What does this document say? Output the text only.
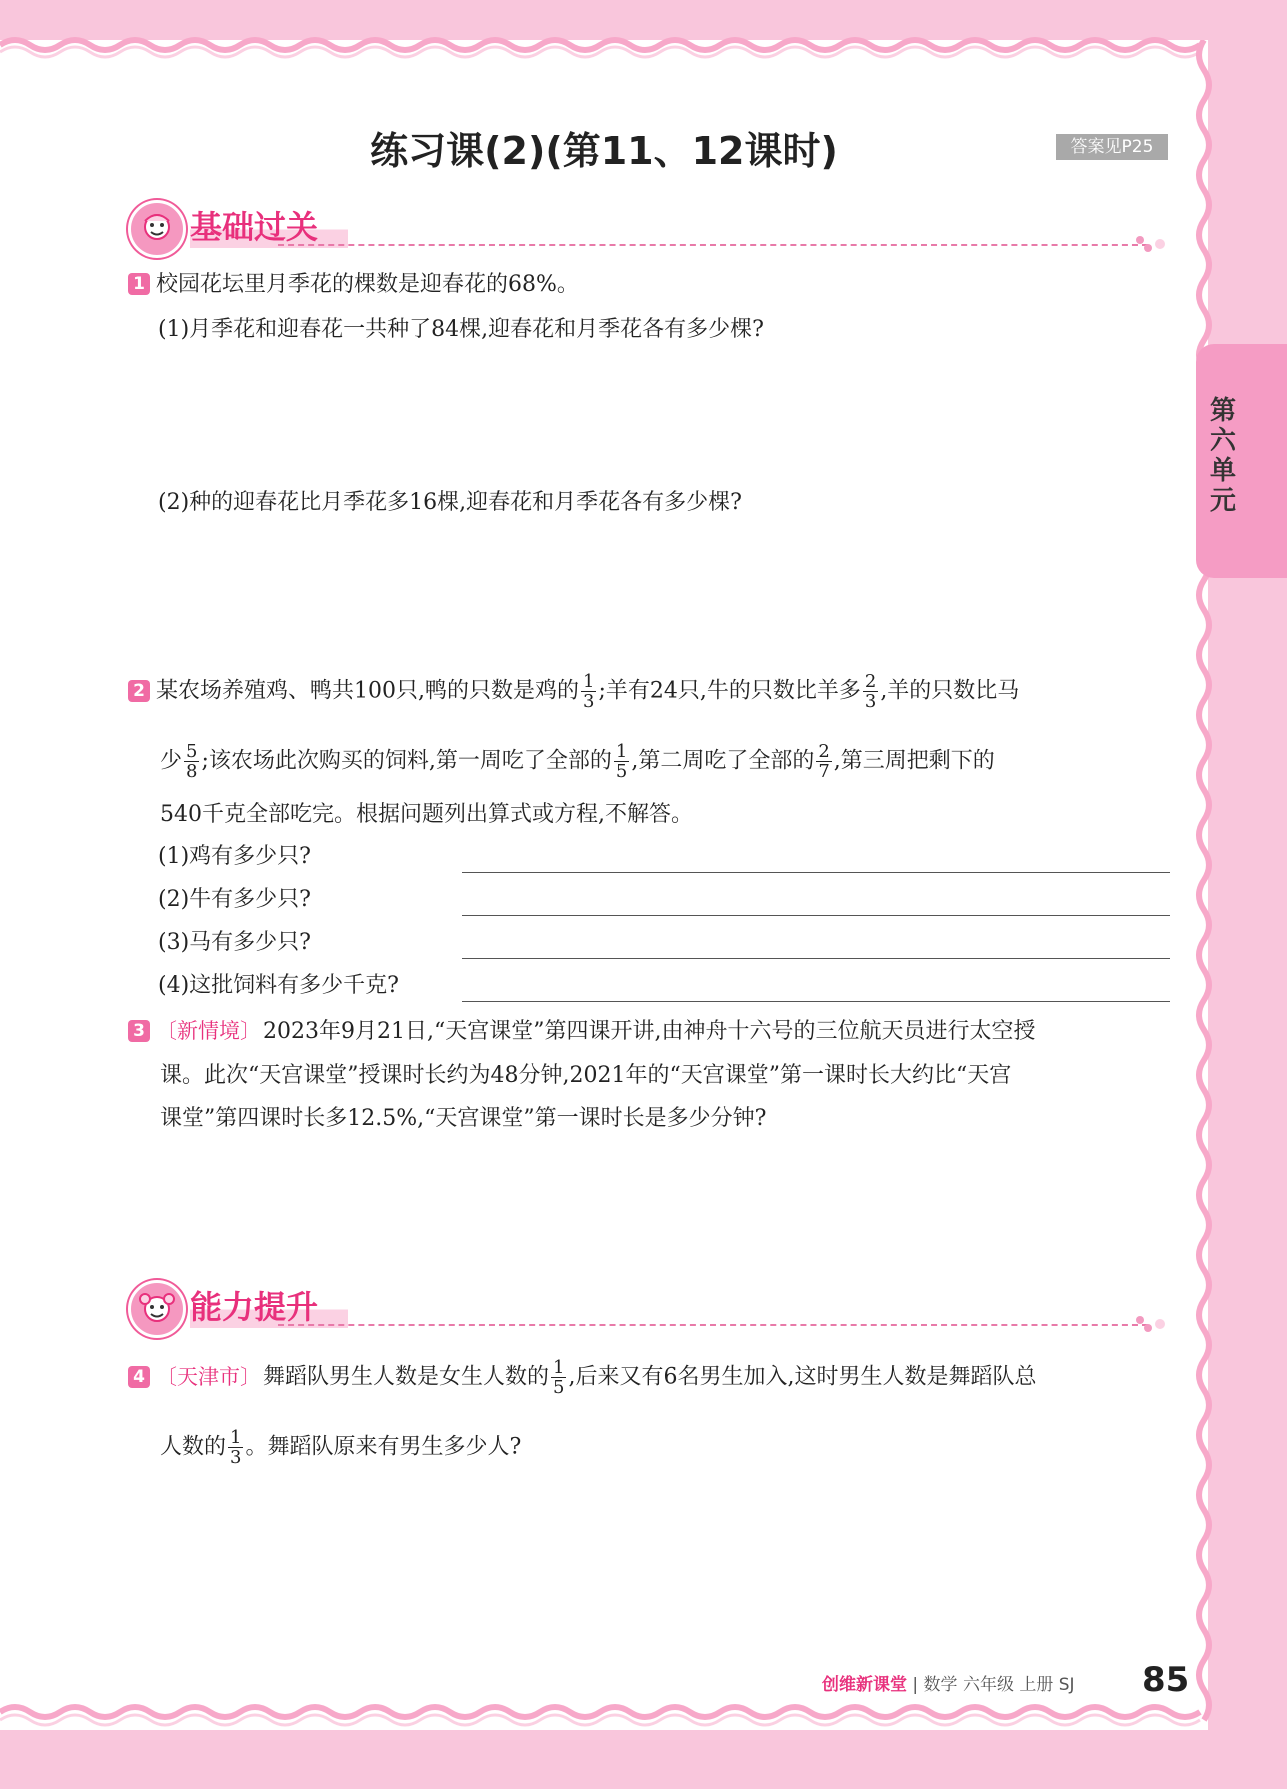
第六单元
练习课(2)(第11、12课时)	答案见P25
基础过关
1 校园花坛里月季花的棵数是迎春花的68%。
(1)月季花和迎春花一共种了84棵,迎春花和月季花各有多少棵?
(2)种的迎春花比月季花多16棵,迎春花和月季花各有多少棵?
2 某农场养殖鸡、鸭共100只,鸭的只数是鸡的 $\frac{1}{3}$ ;羊有24只,牛的只数比羊多 $\frac{2}{3}$ ,羊的只数比马
少 $\frac{5}{8}$ ;该农场此次购买的饲料,第一周吃了全部的 $\frac{1}{5}$ ,第二周吃了全部的 $\frac{2}{7}$ ,第三周把剩下的
540千克全部吃完。根据问题列出算式或方程,不解答。
(1)鸡有多少只?
(2)牛有多少只?
(3)马有多少只?
(4)这批饲料有多少千克?
3 〔新情境〕2023年9月21日,“天宫课堂”第四课开讲,由神舟十六号的三位航天员进行太空授
课。此次“天宫课堂”授课时长约为48分钟,2021年的“天宫课堂”第一课时长大约比“天宫
课堂”第四课时长多12.5%,“天宫课堂”第一课时长是多少分钟?
能力提升
4 〔天津市〕舞蹈队男生人数是女生人数的 $\frac{1}{5}$ ,后来又有6名男生加入,这时男生人数是舞蹈队总
人数的 $\frac{1}{3}$ 。舞蹈队原来有男生多少人?
创维新课堂 | 数学 六年级 上册 SJ 85
